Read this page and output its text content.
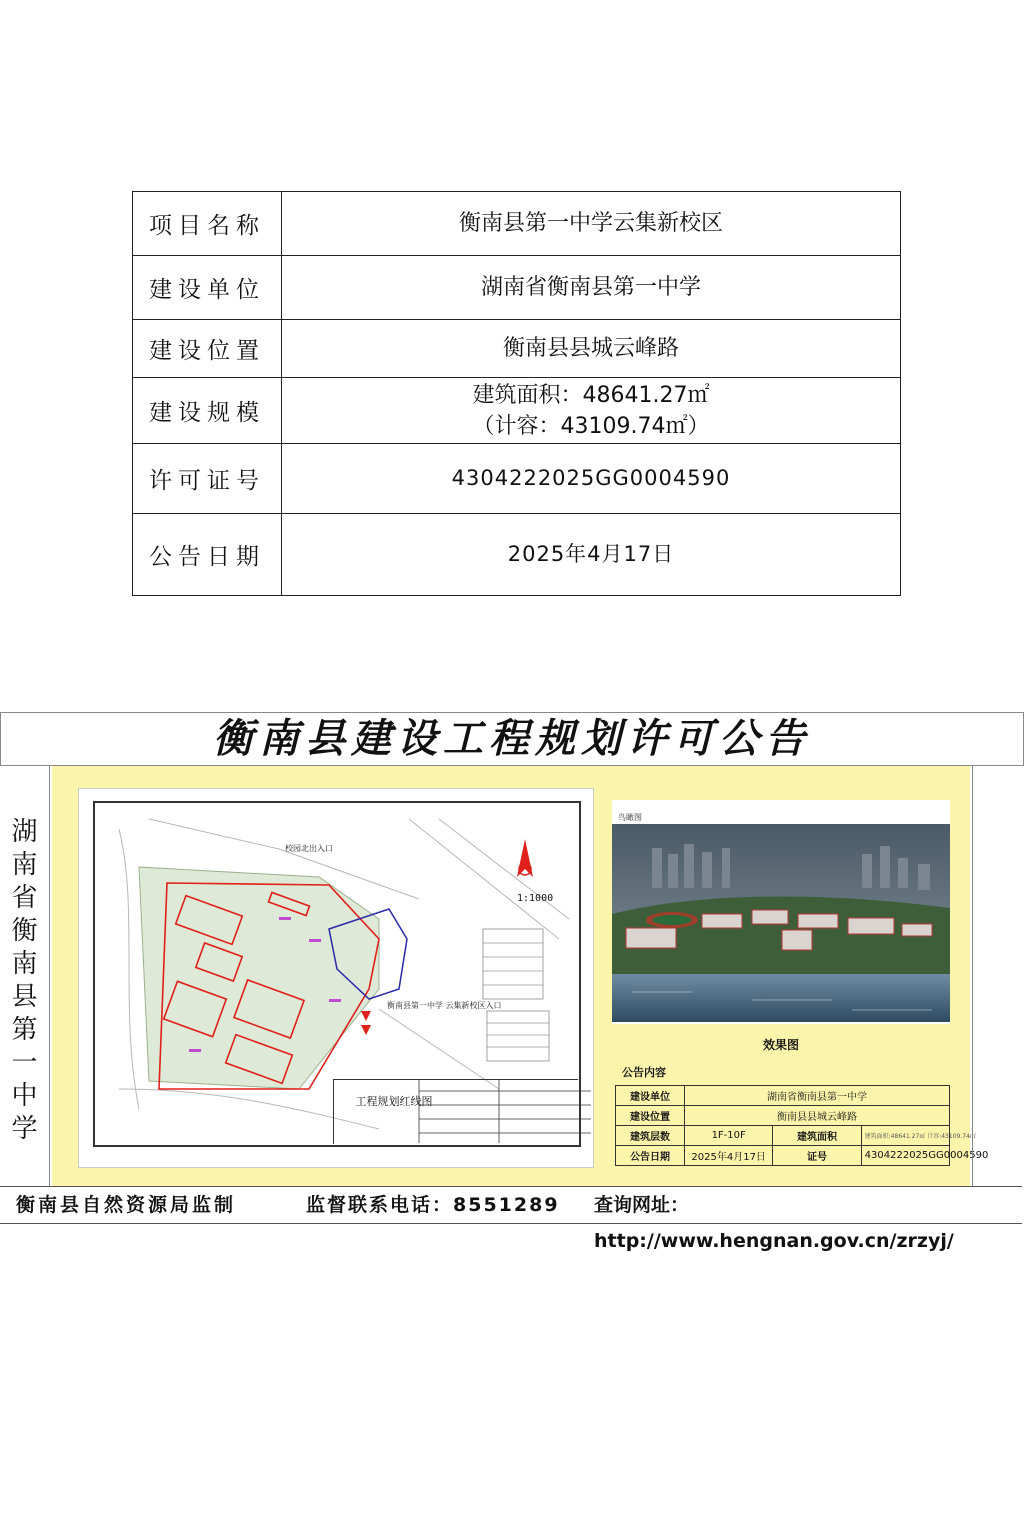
项目名称	衡南县第一中学云集新校区
建设单位	湖南省衡南县第一中学
建设位置	衡南县县城云峰路
建设规模	建筑面积：48641.27㎡
（计容：43109.74㎡）

许可证号	4304222025GG0004590
公告日期	2025年4月17日
衡南县建设工程规划许可公告
湖
南
省
衡
南
县
第
一
中
学
校园北出入口
衡南县第一中学 云集新校区入口
1:1000
工程规划红线图
鸟瞰图
效果图
公告内容
建设单位	湖南省衡南县第一中学		
建设位置	衡南县县城云峰路		
建筑层数	1F-10F	建筑面积	建筑面积:48641.27㎡ 计容:43109.74㎡
公告日期	2025年4月17日	证号	4304222025GG0004590
衡南县自然资源局监制	监督联系电话：8551289 查询网址：http://www.hengnan.gov.cn/zrzyj/
